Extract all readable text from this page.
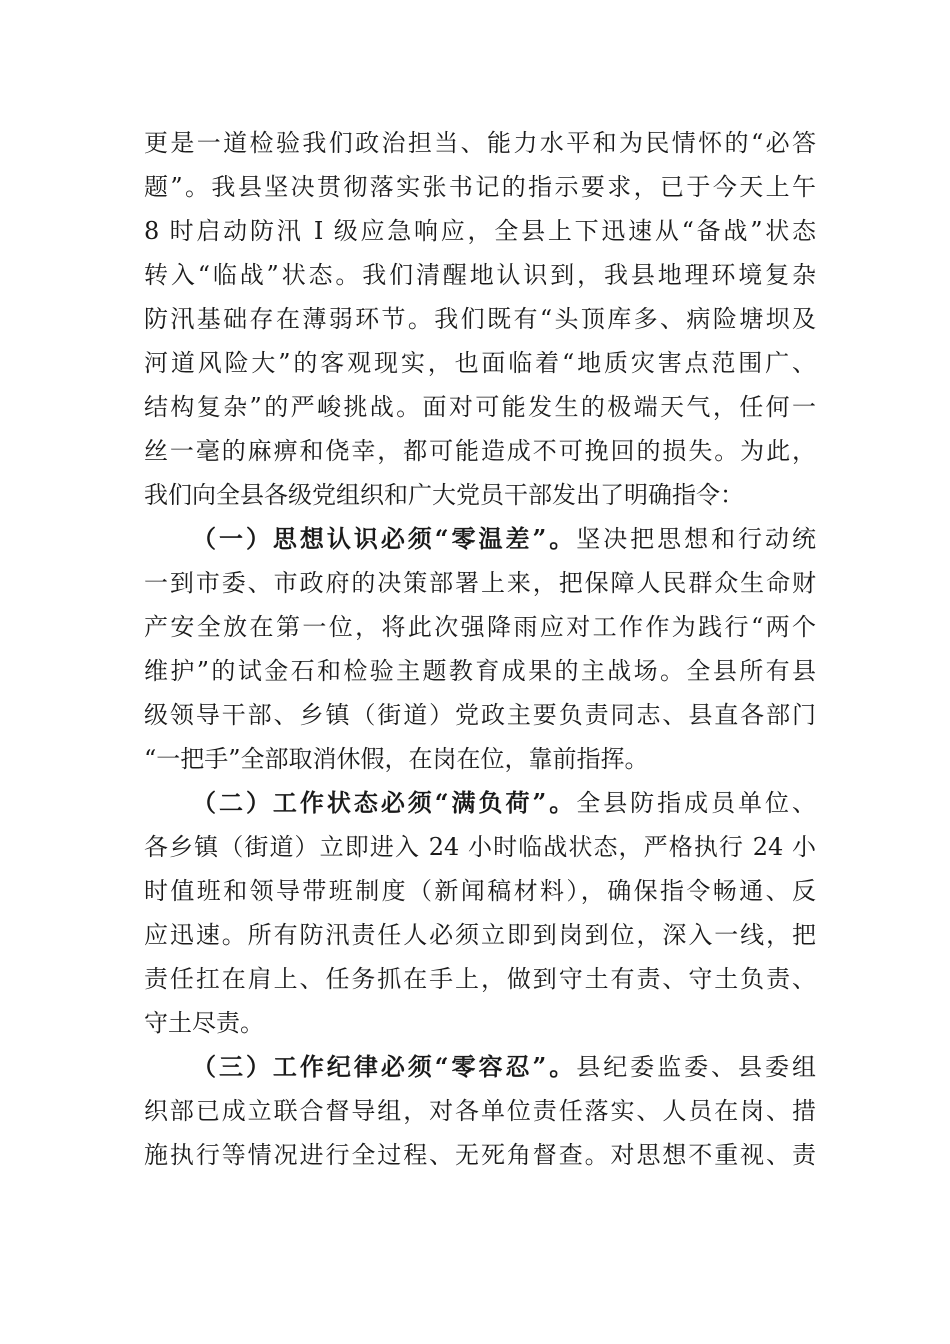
更是一道检验我们政治担当、能力水平和为民情怀的“必答
题”。我县坚决贯彻落实张书记的指示要求，已于今天上午
8 时启动防汛 I 级应急响应，全县上下迅速从“备战”状态
转入“临战”状态。我们清醒地认识到，我县地理环境复杂
防汛基础存在薄弱环节。我们既有“头顶库多、病险塘坝及
河道风险大”的客观现实，也面临着“地质灾害点范围广、
结构复杂”的严峻挑战。面对可能发生的极端天气，任何一
丝一毫的麻痹和侥幸，都可能造成不可挽回的损失。为此，
我们向全县各级党组织和广大党员干部发出了明确指令：
（一）思想认识必须“零温差”。坚决把思想和行动统
一到市委、市政府的决策部署上来，把保障人民群众生命财
产安全放在第一位，将此次强降雨应对工作作为践行“两个
维护”的试金石和检验主题教育成果的主战场。全县所有县
级领导干部、乡镇（街道）党政主要负责同志、县直各部门
“一把手”全部取消休假，在岗在位，靠前指挥。
（二）工作状态必须“满负荷”。全县防指成员单位、
各乡镇（街道）立即进入 24 小时临战状态，严格执行 24 小
时值班和领导带班制度（新闻稿材料），确保指令畅通、反
应迅速。所有防汛责任人必须立即到岗到位，深入一线，把
责任扛在肩上、任务抓在手上，做到守土有责、守土负责、
守土尽责。
（三）工作纪律必须“零容忍”。县纪委监委、县委组
织部已成立联合督导组，对各单位责任落实、人员在岗、措
施执行等情况进行全过程、无死角督查。对思想不重视、责
